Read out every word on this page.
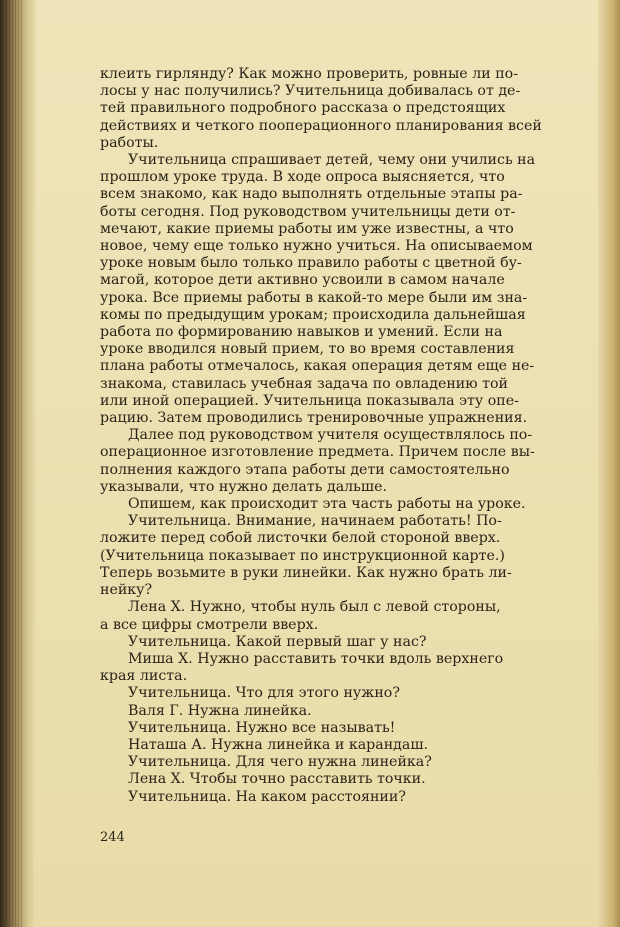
клеить гирлянду? Как можно проверить, ровные ли по-

лосы у нас получились? Учительница добивалась от де-

тей правильного подробного рассказа о предстоящих

действиях и четкого пооперационного планирования всей

работы.

Учительница спрашивает детей, чему они учились на

прошлом уроке труда. В ходе опроса выясняется, что

всем знакомо, как надо выполнять отдельные этапы ра-

боты сегодня. Под руководством учительницы дети от-

мечают, какие приемы работы им уже известны, а что

новое, чему еще только нужно учиться. На описываемом

уроке новым было только правило работы с цветной бу-

магой, которое дети активно усвоили в самом начале

урока. Все приемы работы в какой-то мере были им зна-

комы по предыдущим урокам; происходила дальнейшая

работа по формированию навыков и умений. Если на

уроке вводился новый прием, то во время составления

плана работы отмечалось, какая операция детям еще не-

знакома, ставилась учебная задача по овладению той

или иной операцией. Учительница показывала эту опе-

рацию. Затем проводились тренировочные упражнения.

Далее под руководством учителя осуществлялось по-

операционное изготовление предмета. Причем после вы-

полнения каждого этапа работы дети самостоятельно

указывали, что нужно делать дальше.

Опишем, как происходит эта часть работы на уроке.

Учительница. Внимание, начинаем работать! По-

ложите перед собой листочки белой стороной вверх.

(Учительница показывает по инструкционной карте.)

Теперь возьмите в руки линейки. Как нужно брать ли-

нейку?

Лена Х. Нужно, чтобы нуль был с левой стороны,

а все цифры смотрели вверх.

Учительница. Какой первый шаг у нас?

Миша Х. Нужно расставить точки вдоль верхнего

края листа.

Учительница. Что для этого нужно?

Валя Г. Нужна линейка.

Учительница. Нужно все называть!

Наташа А. Нужна линейка и карандаш.

Учительница. Для чего нужна линейка?

Лена Х. Чтобы точно расставить точки.

Учительница. На каком расстоянии?

244
